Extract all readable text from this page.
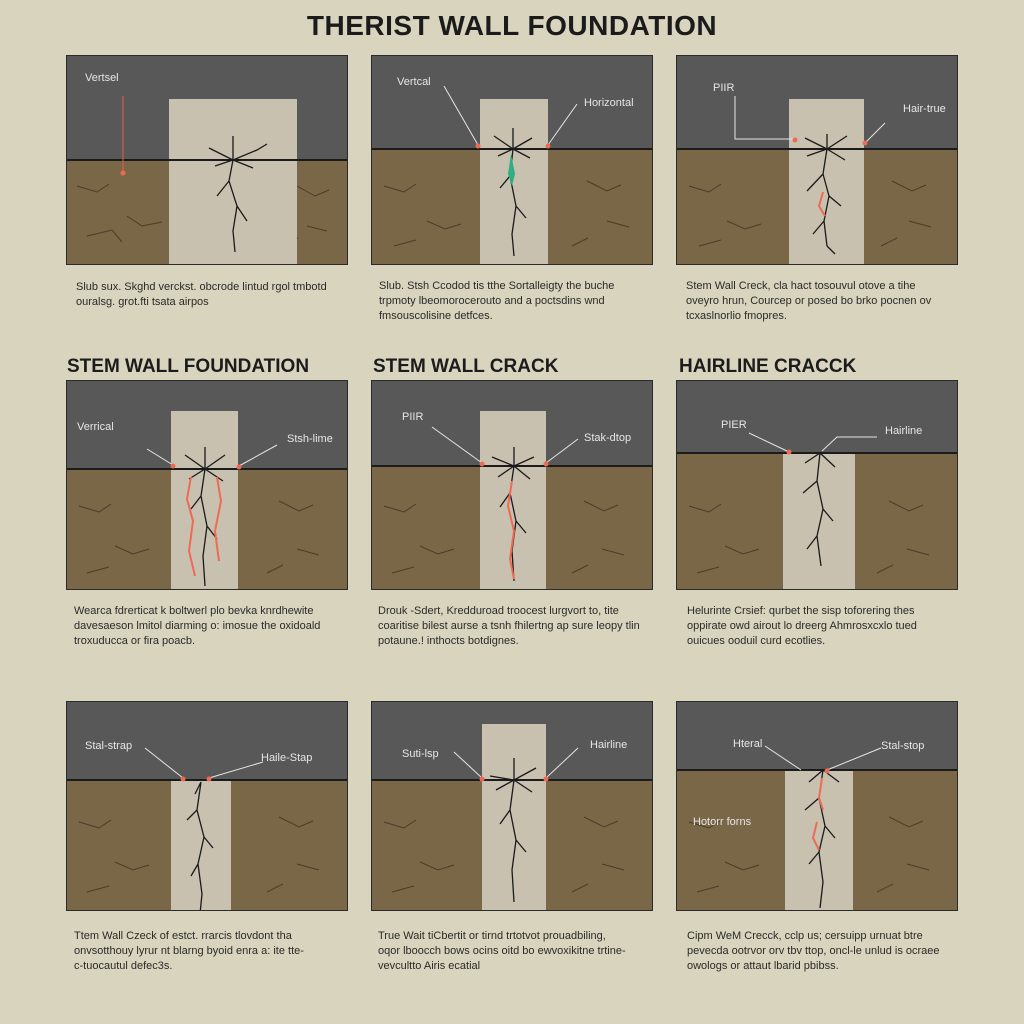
THERIST WALL FOUNDATION
STEM WALL FOUNDATION	STEM WALL CRACK	HAIRLINE CRACCK
Vertsel	Vertcal
Horizontal
PIIR
Hair-true
Slub sux. Skghd verckst. obcrode lintud rgol tmbotd
ouralsg. grot.fti tsata airpos
Slub. Stsh Ccodod tis tthe Sortalleigty the buche
trpmoty lbeomorocerouto and a poctsdins wnd
fmsouscolisine detfces.
Stem Wall Creck, cla hact tosouvul otove a tihe
oveyro hrun, Courcep or posed bo brko pocnen ov
tcxaslnorlio fmopres.
Verrical
Stsh-lime
PIIR
Stak-dtop
PIER	Hairline
Wearca fdrerticat k boltwerl plo bevka knrdhewite
davesaeson lmitol diarming o: imosue the oxidoald
troxuducca or fira poacb.
Drouk -Sdert, Kredduroad troocest lurgvort to, tite
coaritise bilest aurse a tsnh fhilertng ap sure leopy tlin
potaune.! inthocts botdignes.
Helurinte Crsief: qurbet the sisp toforering thes
oppirate owd airout lo dreerg Ahmrosxcxlo tued
ouicues ooduil curd ecotlies.
Stal-strap
Haile-Stap	Suti-lsp
Hairline	Hteral	Stal-stop
Hotorr forns
Ttem Wall Czeck of estct. rrarcis tlovdont tha
onvsotthouy lyrur nt blarng byoid enra a: ite tte-
c-tuocautul defec3s.
True Wait tiCbertit or tirnd trtotvot prouadbiling,
oqor lboocch bows ocins oitd bo ewvoxikitne trtine-
vevcultto Airis ecatial
Cipm WeM Crecck, cclp us; cersuipp urnuat btre
pevecda ootrvor orv tbv ttop, oncl-le unlud is ocraee
owologs or attaut lbarid pbibss.
